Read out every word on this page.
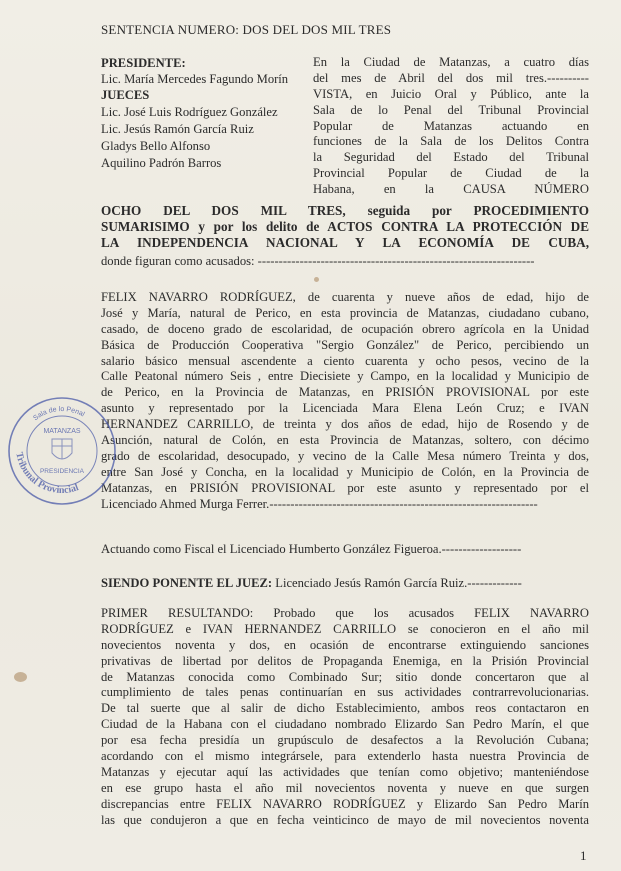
SENTENCIA NUMERO: DOS DEL DOS MIL TRES
PRESIDENTE:
Lic. María Mercedes Fagundo Morín
JUECES
Lic. José Luis Rodríguez González
Lic. Jesús Ramón García Ruiz
Gladys Bello Alfonso
Aquilino Padrón Barros
En la Ciudad de Matanzas, a cuatro días
del mes de Abril del dos mil tres.----------
VISTA, en Juicio Oral y Público, ante la
Sala de lo Penal del Tribunal Provincial
Popular de Matanzas actuando en
funciones de la Sala de los Delitos Contra
la Seguridad del Estado del Tribunal
Provincial Popular de Ciudad de la
Habana, en la CAUSA NÚMERO
OCHO DEL DOS MIL TRES, seguida por PROCEDIMIENTO
SUMARISIMO y por los delito de ACTOS CONTRA LA PROTECCIÓN DE
LA INDEPENDENCIA NACIONAL Y LA ECONOMÍA DE CUBA,
donde figuran como acusados: ------------------------------------------------------------------
FELIX NAVARRO RODRÍGUEZ, de cuarenta y nueve años de edad, hijo de
José y María, natural de Perico, en esta provincia de Matanzas, ciudadano cubano,
casado, de doceno grado de escolaridad, de ocupación obrero agrícola en la Unidad
Básica de Producción Cooperativa "Sergio González" de Perico, percibiendo un
salario básico mensual ascendente a ciento cuarenta y ocho pesos, vecino de la
Calle Peatonal número Seis , entre Diecisiete y Campo, en la localidad y Municipio de
de Perico, en la Provincia de Matanzas, en PRISIÓN PROVISIONAL por este
asunto y representado por la Licenciada Mara Elena León Cruz; e IVAN
HERNANDEZ CARRILLO, de treinta y dos años de edad, hijo de Rosendo y de
Asunción, natural de Colón, en esta Provincia de Matanzas, soltero, con décimo
grado de escolaridad, desocupado, y vecino de la Calle Mesa número Treinta y dos,
entre San José y Concha, en la localidad y Municipio de Colón, en la Provincia de
Matanzas, en PRISIÓN PROVISIONAL por este asunto y representado por el
Licenciado Ahmed Murga Ferrer.----------------------------------------------------------------
Actuando como Fiscal el Licenciado Humberto González Figueroa.-------------------
SIENDO PONENTE EL JUEZ: Licenciado Jesús Ramón García Ruiz.-------------
PRIMER RESULTANDO: Probado que los acusados FELIX NAVARRO
RODRÍGUEZ e IVAN HERNANDEZ CARRILLO se conocieron en el año mil
novecientos noventa y dos, en ocasión de encontrarse extinguiendo sanciones
privativas de libertad por delitos de Propaganda Enemiga, en la Prisión Provincial
de Matanzas conocida como Combinado Sur; sitio donde concertaron que al
cumplimiento de tales penas continuarían en sus actividades contrarrevolucionarias.
De tal suerte que al salir de dicho Establecimiento, ambos reos contactaron en
Ciudad de la Habana con el ciudadano nombrado Elizardo San Pedro Marín, el que
por esa fecha presidía un grupúsculo de desafectos a la Revolución Cubana;
acordando con el mismo integrársele, para extenderlo hasta nuestra Provincia de
Matanzas y ejecutar aquí las actividades que tenían como objetivo; manteniéndose
en ese grupo hasta el año mil novecientos noventa y nueve en que surgen
discrepancias entre FELIX NAVARRO RODRÍGUEZ y Elizardo San Pedro Marín
las que condujeron a que en fecha veinticinco de mayo de mil novecientos noventa
Sala de lo Penal
Tribunal Provincial
MATANZAS
PRESIDENCIA
1
